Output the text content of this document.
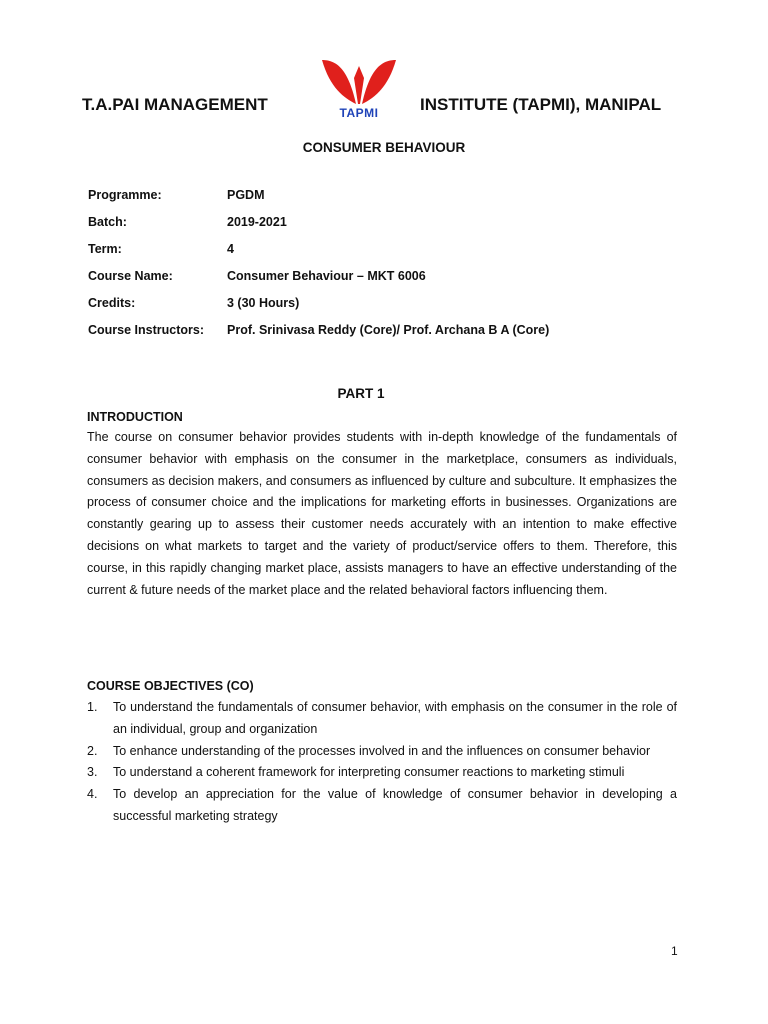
T.A.PAI MANAGEMENT	TAPMI	INSTITUTE (TAPMI), MANIPAL
CONSUMER BEHAVIOUR
Programme:	PGDM
Batch:	2019-2021
Term:	4
Course Name:	Consumer Behaviour – MKT 6006
Credits:	3 (30 Hours)
Course Instructors:	Prof. Srinivasa Reddy (Core)/ Prof. Archana B A (Core)
PART 1
INTRODUCTION
The course on consumer behavior provides students with in-depth knowledge of the fundamentals of consumer behavior with emphasis on the consumer in the marketplace, consumers as individuals, consumers as decision makers, and consumers as influenced by culture and subculture. It emphasizes the process of consumer choice and the implications for marketing efforts in businesses. Organizations are constantly gearing up to assess their customer needs accurately with an intention to make effective decisions on what markets to target and the variety of product/service offers to them. Therefore, this course, in this rapidly changing market place, assists managers to have an effective understanding of the current & future needs of the market place and the related behavioral factors influencing them.
COURSE OBJECTIVES (CO)
1.	To understand the fundamentals of consumer behavior, with emphasis on the consumer in the role of an individual, group and organization
2.	To enhance understanding of the processes involved in and the influences on consumer behavior
3.	To understand a coherent framework for interpreting consumer reactions to marketing stimuli
4.	To develop an appreciation for the value of knowledge of consumer behavior in developing a successful marketing strategy
1
